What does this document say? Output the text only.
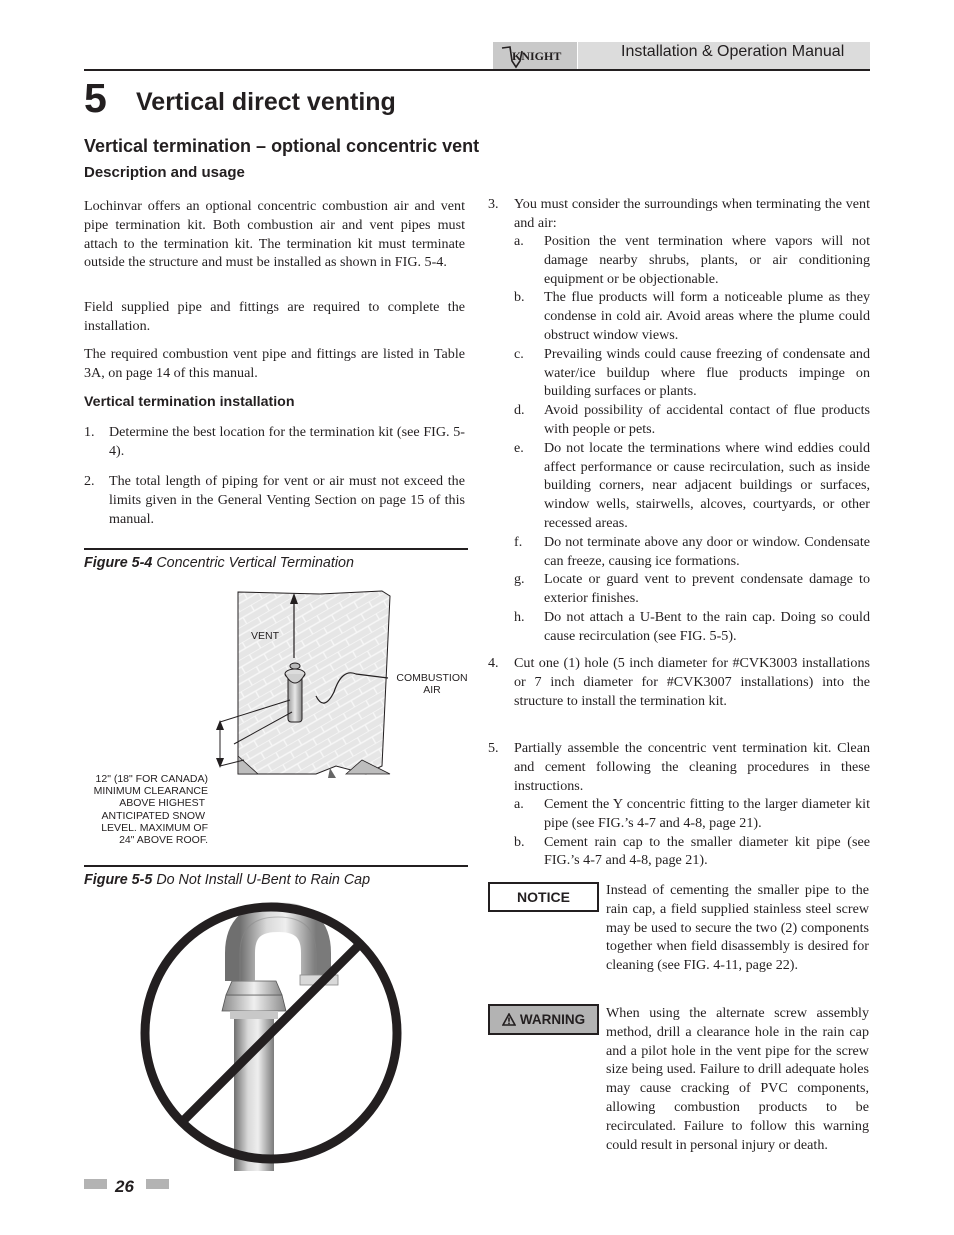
KNIGHT	Installation & Operation Manual
5 Vertical direct venting
Vertical termination – optional concentric vent
Description and usage
Lochinvar offers an optional concentric combustion air and vent pipe termination kit. Both combustion air and vent pipes must attach to the termination kit. The termination kit must terminate outside the structure and must be installed as shown in FIG. 5-4.
Field supplied pipe and fittings are required to complete the installation.
The required combustion vent pipe and fittings are listed in Table 3A, on page 14 of this manual.
Vertical termination installation
1. Determine the best location for the termination kit (see FIG. 5-4).
2. The total length of piping for vent or air must not exceed the limits given in the General Venting Section on page 15 of this manual.
Figure 5-4 Concentric Vertical Termination
VENT
COMBUSTION
AIR
12" (18" FOR CANADA)
MINIMUM CLEARANCE
ABOVE HIGHEST
ANTICIPATED SNOW
LEVEL. MAXIMUM OF
24" ABOVE ROOF.
Figure 5-5 Do Not Install U-Bent to Rain Cap
3. You must consider the surroundings when terminating the vent and air:
a.	Position the vent termination where vapors will not damage nearby shrubs, plants, or air conditioning equipment or be objectionable.
b.	The flue products will form a noticeable plume as they condense in cold air. Avoid areas where the plume could obstruct window views.
c.	Prevailing winds could cause freezing of condensate and water/ice buildup where flue products impinge on building surfaces or plants.
d.	Avoid possibility of accidental contact of flue products with people or pets.
e.	Do not locate the terminations where wind eddies could affect performance or cause recirculation, such as inside building corners, near adjacent buildings or surfaces, window wells, stairwells, alcoves, courtyards, or other recessed areas.
f.	Do not terminate above any door or window. Condensate can freeze, causing ice formations.
g.	Locate or guard vent to prevent condensate damage to exterior finishes.
h.	Do not attach a U-Bent to the rain cap. Doing so could cause recirculation (see FIG. 5-5).
4. Cut one (1) hole (5 inch diameter for #CVK3003 installations or 7 inch diameter for #CVK3007 installations) into the structure to install the termination kit.
5. Partially assemble the concentric vent termination kit. Clean and cement following the cleaning procedures in these instructions.
a.	Cement the Y concentric fitting to the larger diameter kit pipe (see FIG.’s 4-7 and 4-8, page 21).
b.	Cement rain cap to the smaller diameter kit pipe (see FIG.’s 4-7 and 4-8, page 21).
NOTICE	Instead of cementing the smaller pipe to the rain cap, a field supplied stainless steel screw may be used to secure the two (2) components together when field disassembly is desired for cleaning (see FIG. 4-11, page 22).
WARNING When using the alternate screw assembly method, drill a clearance hole in the rain cap and a pilot hole in the vent pipe for the screw size being used. Failure to drill adequate holes may cause cracking of PVC components, allowing combustion products to be recirculated. Failure to follow this warning could result in personal injury or death.
26
